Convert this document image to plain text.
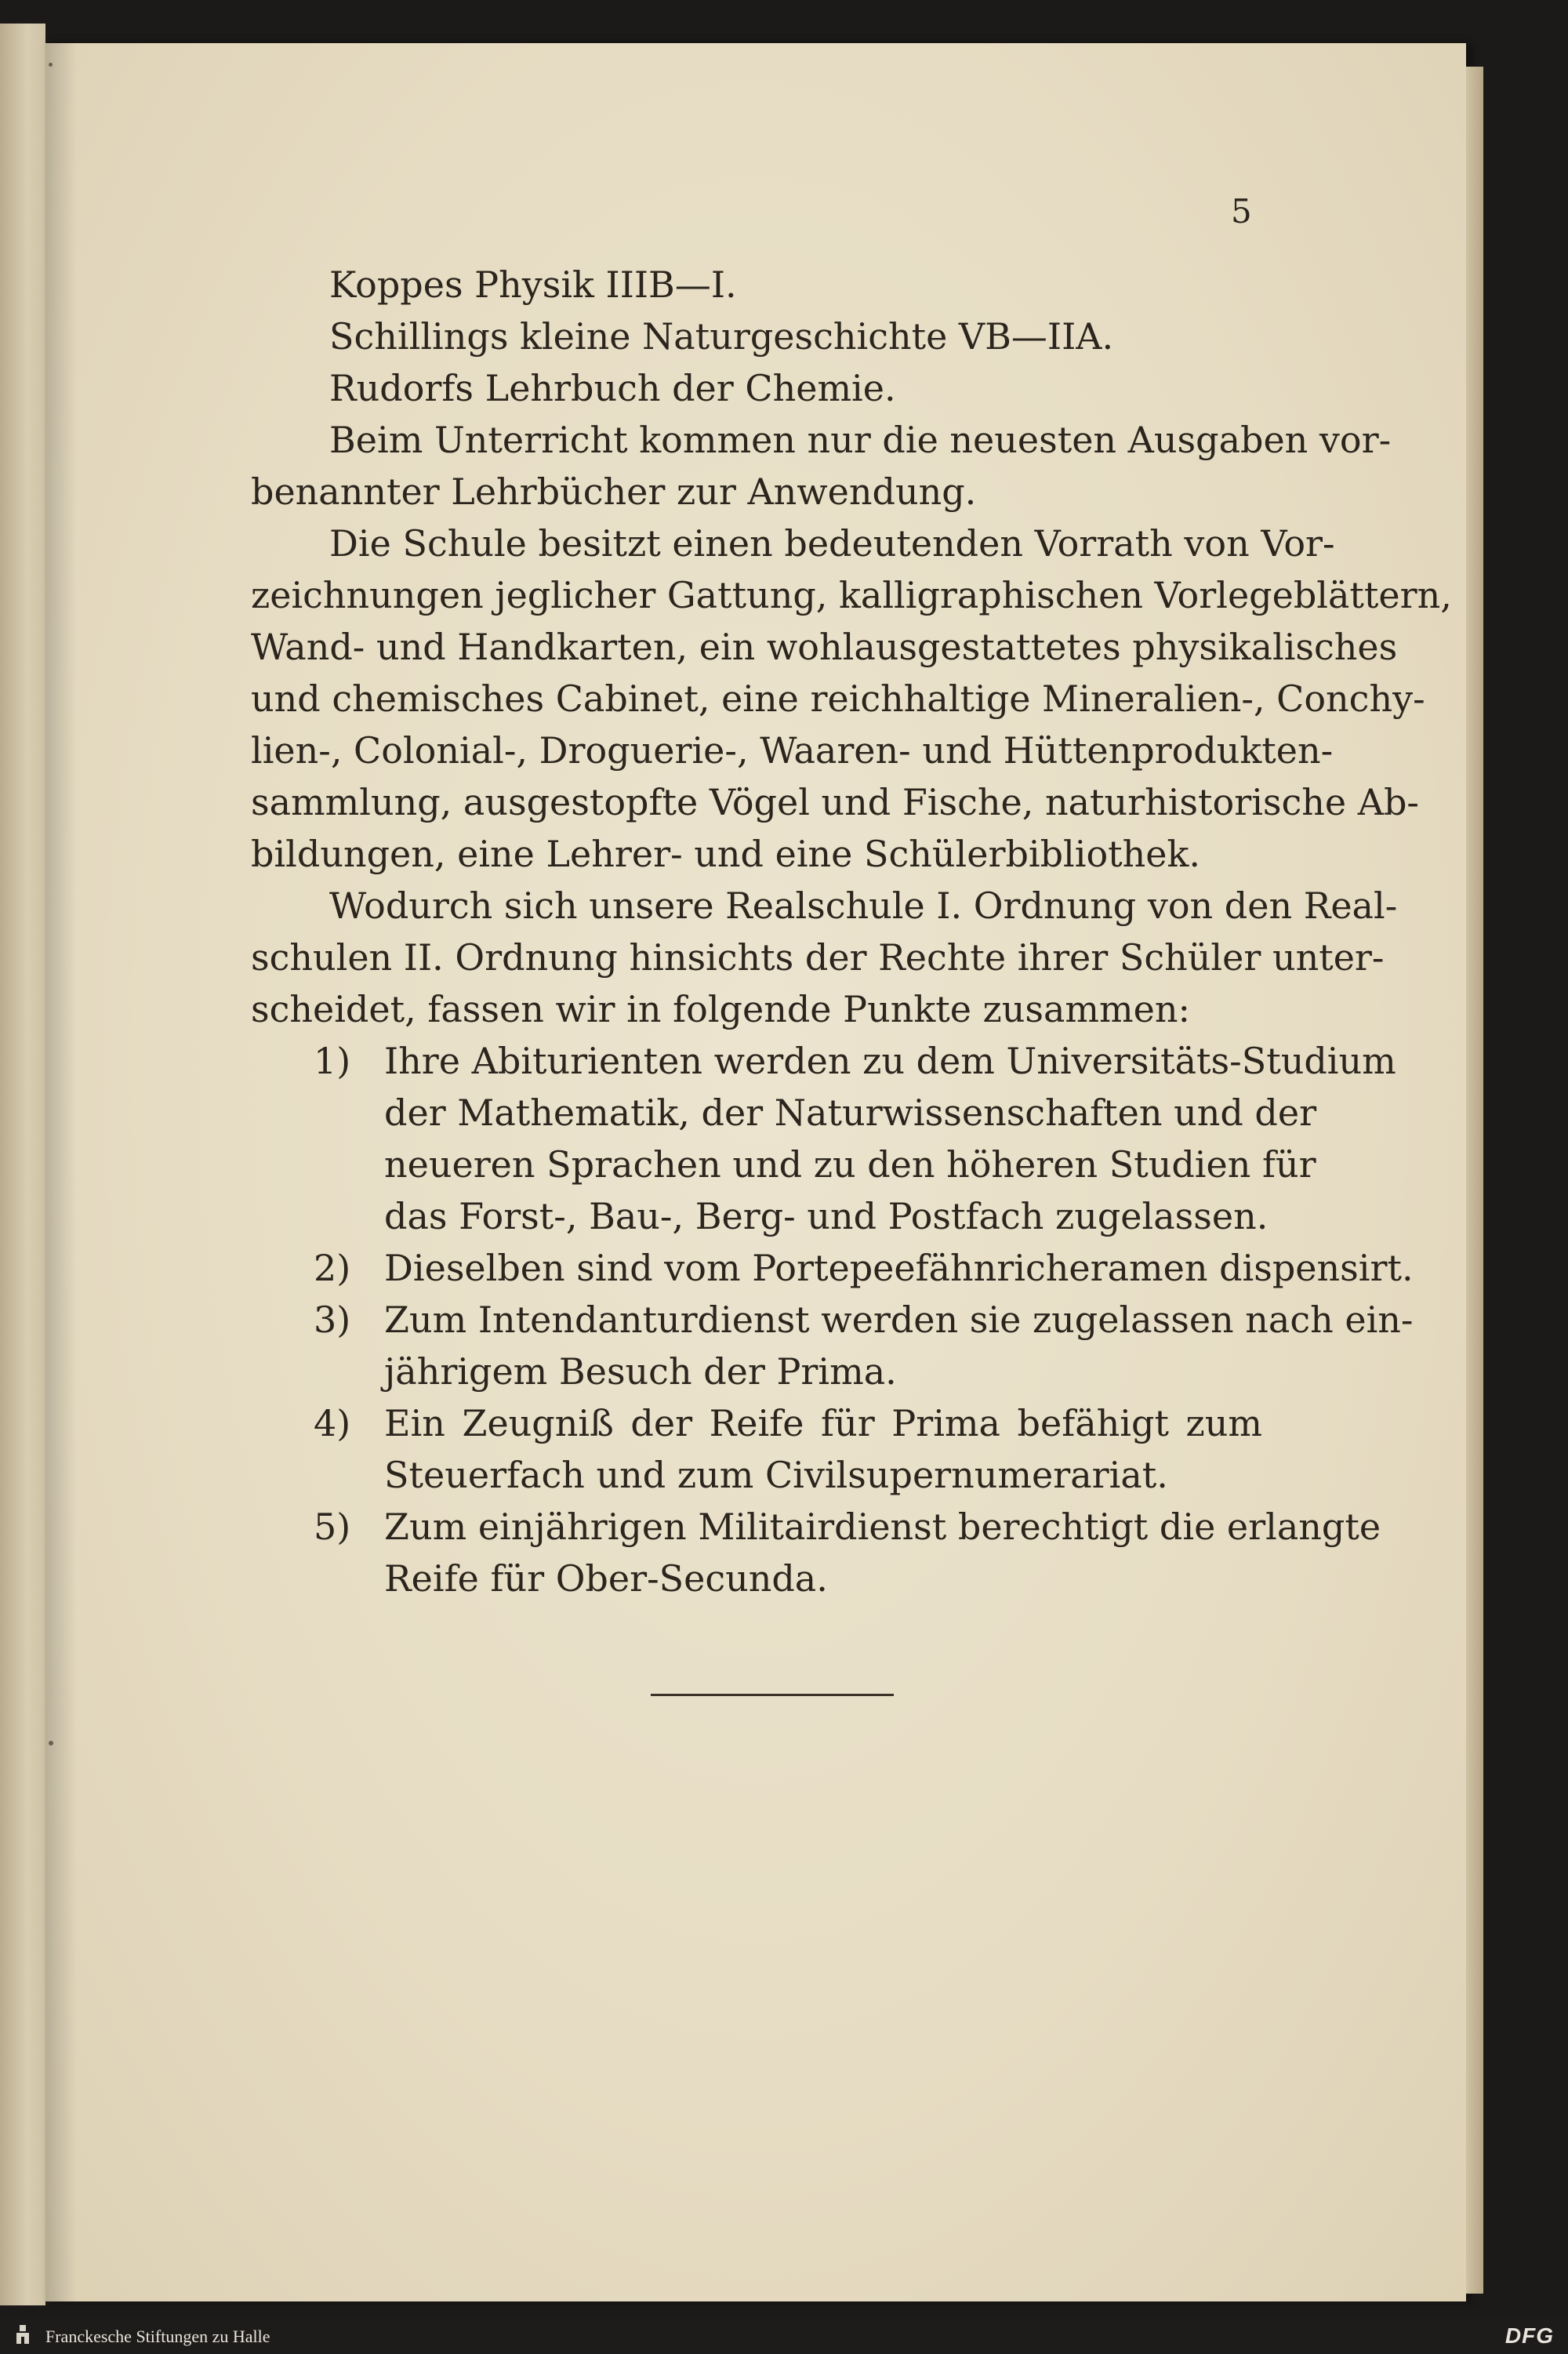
5
Koppes Physik IIIB—I.
Schillings kleine Naturgeschichte VB—IIA.
Rudorfs Lehrbuch der Chemie.
Beim Unterricht kommen nur die neuesten Ausgaben vor-
benannter Lehrbücher zur Anwendung.
Die Schule besitzt einen bedeutenden Vorrath von Vor-
zeichnungen jeglicher Gattung, kalligraphischen Vorlegeblättern,
Wand- und Handkarten, ein wohlausgestattetes physikalisches
und chemisches Cabinet, eine reichhaltige Mineralien-, Conchy-
lien-, Colonial-, Droguerie-, Waaren- und Hüttenprodukten-
sammlung, ausgestopfte Vögel und Fische, naturhistorische Ab-
bildungen, eine Lehrer- und eine Schülerbibliothek.
Wodurch sich unsere Realschule I. Ordnung von den Real-
schulen II. Ordnung hinsichts der Rechte ihrer Schüler unter-
scheidet, fassen wir in folgende Punkte zusammen:
1) Ihre Abiturienten werden zu dem Universitäts-Studium
der Mathematik, der Naturwissenschaften und der
neueren Sprachen und zu den höheren Studien für
das Forst-, Bau-, Berg- und Postfach zugelassen.
2) Dieselben sind vom Portepeefähnricheramen dispensirt.
3) Zum Intendanturdienst werden sie zugelassen nach ein-
jährigem Besuch der Prima.
4) Ein Zeugniß der Reife für Prima befähigt zum
Steuerfach und zum Civilsupernumerariat.
5) Zum einjährigen Militairdienst berechtigt die erlangte
Reife für Ober-Secunda.
Franckesche Stiftungen zu Halle	DFG
